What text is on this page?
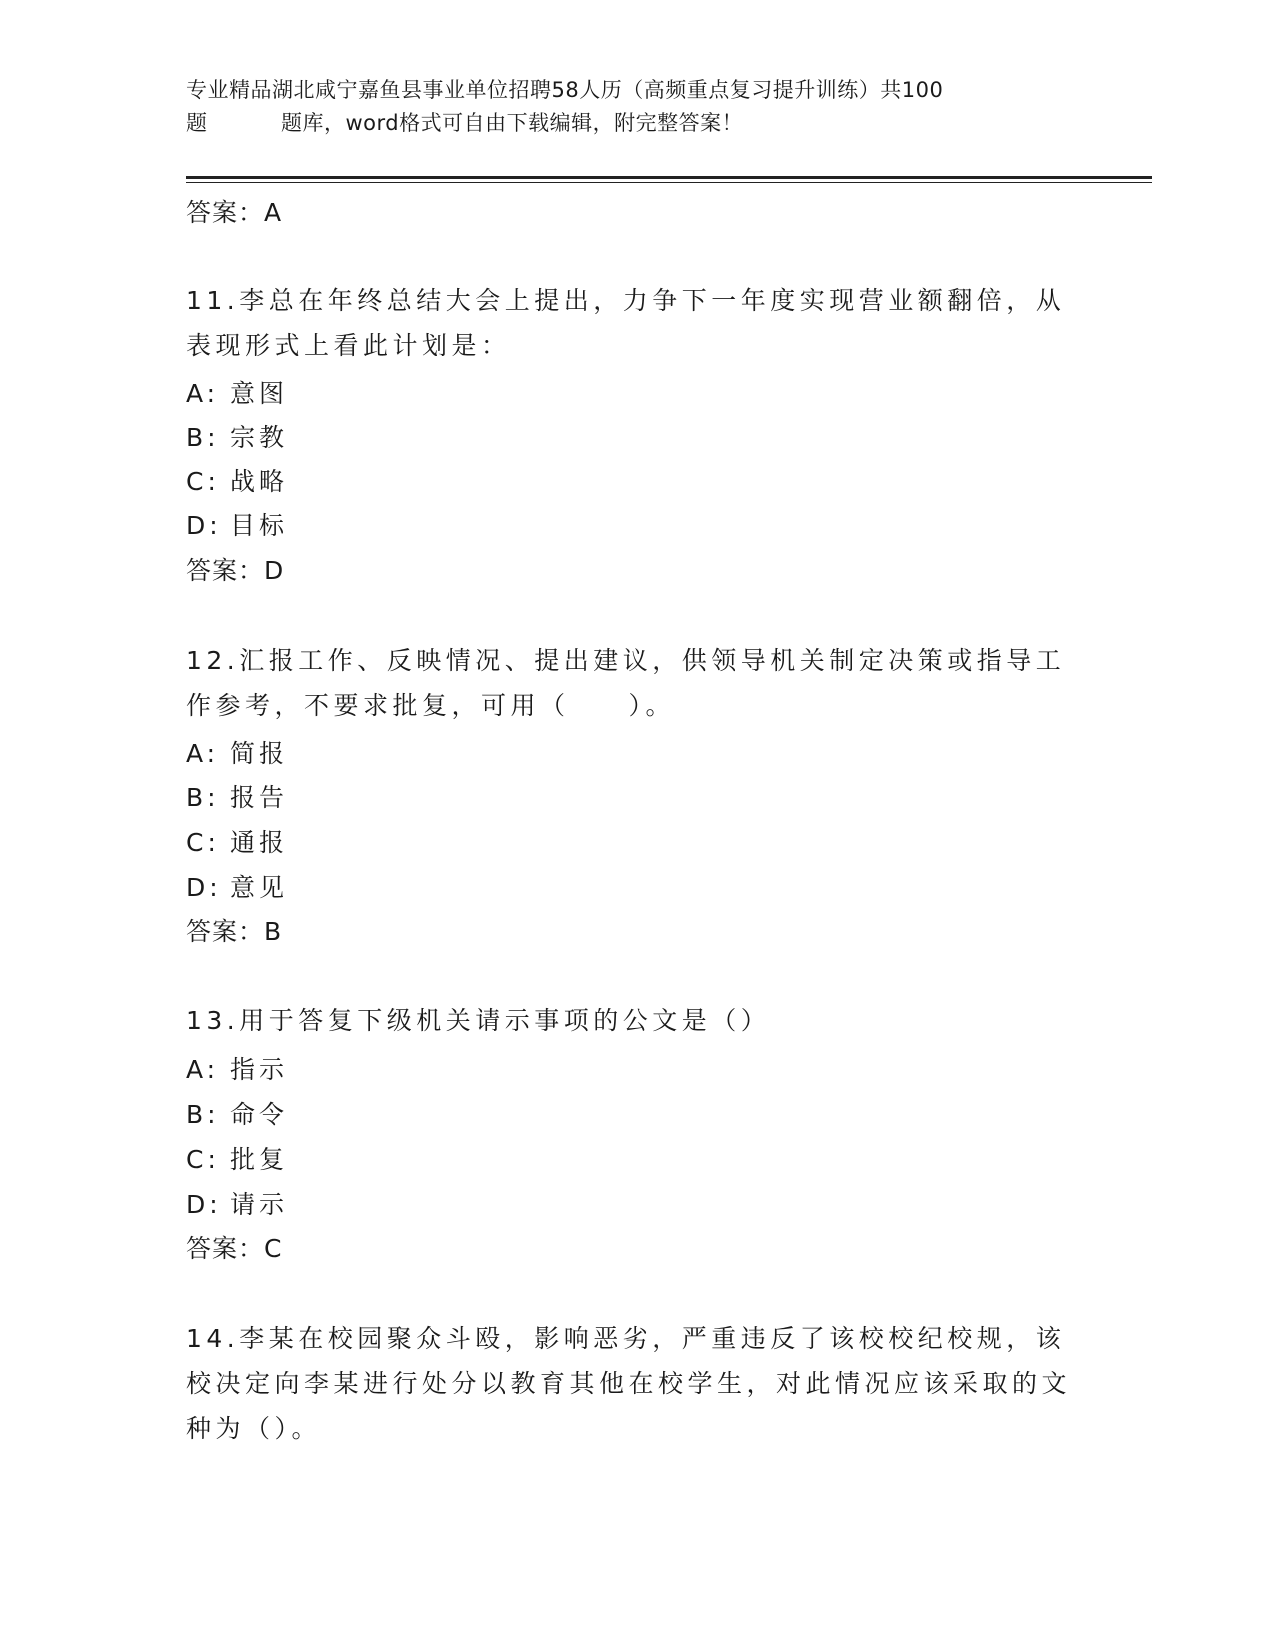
专业精品湖北咸宁嘉鱼县事业单位招聘58人历（高频重点复习提升训练）共100
题	题库，word格式可自由下载编辑，附完整答案！
答案：A
11.李总在年终总结大会上提出，力争下一年度实现营业额翻倍，从表现形式上看此计划是：
A: 意图
B: 宗教
C: 战略
D: 目标
答案：D
12.汇报工作、反映情况、提出建议，供领导机关制定决策或指导工作参考，不要求批复，可用（　　）。
A: 简报
B: 报告
C: 通报
D: 意见
答案：B
13.用于答复下级机关请示事项的公文是（）
A: 指示
B: 命令
C: 批复
D: 请示
答案：C
14.李某在校园聚众斗殴，影响恶劣，严重违反了该校校纪校规，该校决定向李某进行处分以教育其他在校学生，对此情况应该采取的文种为（）。
